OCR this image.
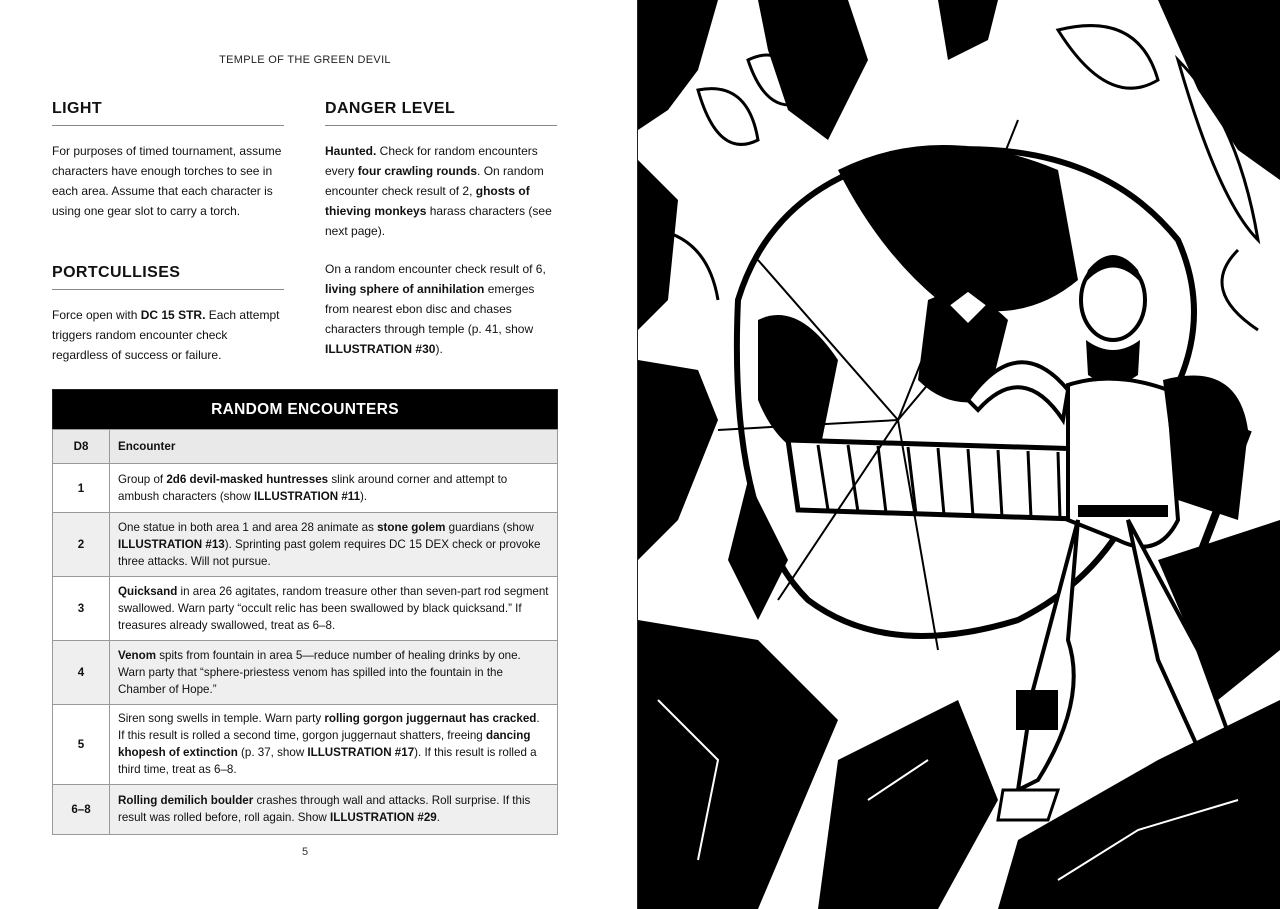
TEMPLE OF THE GREEN DEVIL
LIGHT

For purposes of timed tournament, assume characters have enough torches to see in each area. Assume that each character is using one gear slot to carry a torch.

PORTCULLISES

Force open with DC 15 STR. Each attempt triggers random encounter check regardless of success or failure.

DANGER LEVEL

Haunted. Check for random encounters every four crawling rounds. On random encounter check result of 2, ghosts of thieving monkeys harass characters (see next page).

On a random encounter check result of 6, living sphere of annihilation emerges from nearest ebon disc and chases characters through temple (p. 41, show ILLUSTRATION #30).

RANDOM ENCOUNTERS	
D8	Encounter
1	Group of 2d6 devil-masked huntresses slink around corner and attempt to ambush characters (show ILLUSTRATION #11).
2	One statue in both area 1 and area 28 animate as stone golem guardians (show ILLUSTRATION #13). Sprinting past golem requires DC 15 DEX check or provoke three attacks. Will not pursue.
3	Quicksand in area 26 agitates, random treasure other than seven-part rod segment swallowed. Warn party “occult relic has been swallowed by black quicksand.” If treasures already swallowed, treat as 6–8.
4	Venom spits from fountain in area 5—reduce number of healing drinks by one. Warn party that “sphere-priestess venom has spilled into the fountain in the Chamber of Hope.”
5	Siren song swells in temple. Warn party rolling gorgon juggernaut has cracked. If this result is rolled a second time, gorgon juggernaut shatters, freeing dancing khopesh of extinction (p. 37, show ILLUSTRATION #17). If this result is rolled a third time, treat as 6–8.
6–8	Rolling demilich boulder crashes through wall and attacks. Roll surprise. If this result was rolled before, roll again. Show ILLUSTRATION #29.
5
